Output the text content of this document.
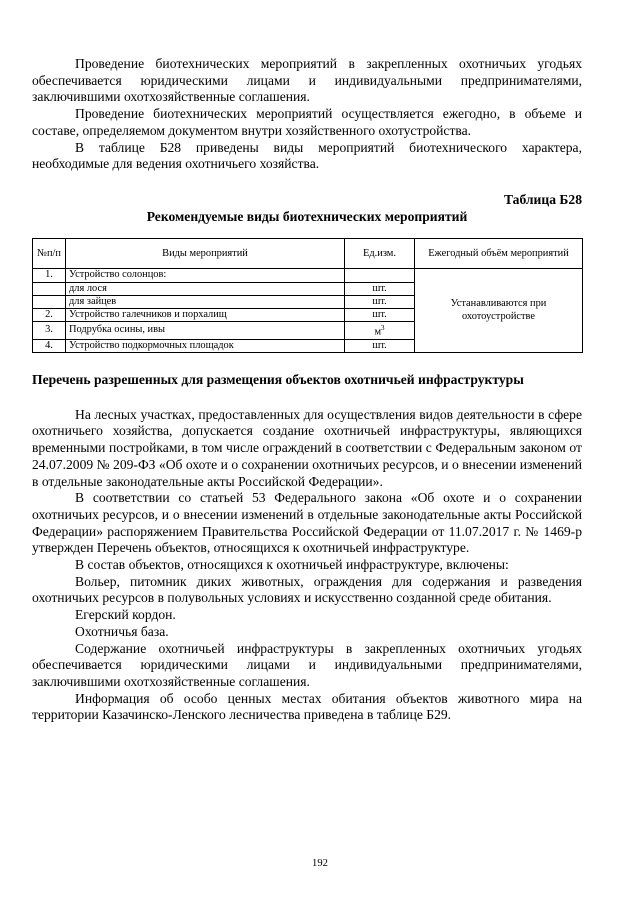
Проведение биотехнических мероприятий в закрепленных охотничьих угодьях обеспечивается юридическими лицами и индивидуальными предпринимателями, заключившими охотхозяйственные соглашения.

Проведение биотехнических мероприятий осуществляется ежегодно, в объеме и составе, определяемом документом внутри хозяйственного охотустройства.

В таблице Б28 приведены виды мероприятий биотехнического характера, необходимые для ведения охотничьего хозяйства.

Таблица Б28
Рекомендуемые виды биотехнических мероприятий
№п/п	Виды мероприятий	Ед.изм.	Ежегодный объём мероприятий
1.	Устройство солонцов:		Устанавливаются при охотоустройстве
	для лося	шт.	
	для зайцев	шт.	
2.	Устройство галечников и порхалищ	шт.	
3.	Подрубка осины, ивы	$м^3$
4.	Устройство подкормочных площадок	шт.	
Перечень разрешенных для размещения объектов охотничьей инфраструктуры

На лесных участках, предоставленных для осуществления видов деятельности в сфере охотничьего хозяйства, допускается создание охотничьей инфраструктуры, являющихся временными постройками, в том числе ограждений в соответствии с Федеральным законом от 24.07.2009 № 209-ФЗ «Об охоте и о сохранении охотничьих ресурсов, и о внесении изменений в отдельные законодательные акты Российской Федерации».

В соответствии со статьей 53 Федерального закона «Об охоте и о сохранении охотничьих ресурсов, и о внесении изменений в отдельные законодательные акты Российской Федерации» распоряжением Правительства Российской Федерации от 11.07.2017 г. № 1469-р утвержден Перечень объектов, относящихся к охотничьей инфраструктуре.

В состав объектов, относящихся к охотничьей инфраструктуре, включены:

Вольер, питомник диких животных, ограждения для содержания и разведения охотничьих ресурсов в полувольных условиях и искусственно созданной среде обитания.

Егерский кордон.

Охотничья база.

Содержание охотничьей инфраструктуры в закрепленных охотничьих угодьях обеспечивается юридическими лицами и индивидуальными предпринимателями, заключившими охотхозяйственные соглашения.

Информация об особо ценных местах обитания объектов животного мира на территории Казачинско-Ленского лесничества приведена в таблице Б29.

192
